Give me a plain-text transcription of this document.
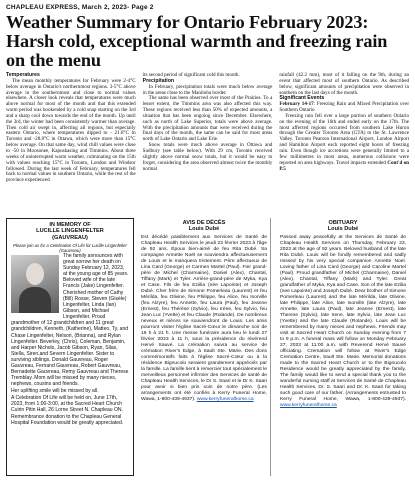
CHAPLEAU EXPRESS, March 2, 2023- Page 2
Weather Summary for Ontario February 2023: Harsh cold, exceptional warmth and freezing rain on the menu

Temperatures

The mean monthly temperatures for February were 2-4°C below average in Ontario's northernmost regions. 3-5°C above average in the southernmost and close to normal values elsewhere. A closer look reveals that temperatures were much above normal for most of the month and that this extended warm period was bookended by a cold snap starting on the 3rd and a sharp cool down towards the end of the month. Up until the 3rd, the winter had been consistently warmer than average. Then cold air swept in, affecting all regions, but especially eastern Ontario, where temperatures dipped to - 21.8°C in Toronto and -28.8°C in Ottawa, which were more than 15°C below average. On that same day, wind chill values were close to -50 in Moosonee, Kapuskasing and Timmins. About three weeks of uninterrupted warm weather, culminating on the 15th with values reaching 15°C in Toronto, London and Windsor followed. During the last week of February, temperatures fell back to normal values in southern Ontario, while the rest of the province experienced

its second period of significant cold this month.

Precipitation

In February, precipitation totals were much below average in the areas close to the Manitoba border.

The same has been observed over most of the Prairies. To a lesser extent, the Timmins area was also affected this way. These regions received less than 50% of expected amounts, a situation that has been ongoing since December. Elsewhere, such as north of Lake Superior, totals were above average. With the precipitation amounts that were received during the final days of the month, the same can be said for most areas north of Lake Ontario and Lake Erie.

Snow totals were much above average in Ottawa and Sudbury (see table below). With 29 cm, Toronto received slightly above normal snow totals, but it would be easy to forget, considering the area observed almost twice the monthly normal

rainfall (42.2 mm), most of it falling on the 9th, during an event that affected most of southern Ontario. As described below, significant amounts of precipitation were observed in southern on the last days of the month.

Significant Events

February 14-17: Freezing Rain and Mixed Precipitation over Southern Ontario

Freezing rain fell over a large portion of southern Ontario on the evening of the 16th and ended early on the 17th. The most affected regions occurred from southern Lake Huron through the Greater Toronto Area (GTA) to the St. Lawrence Valley. Toronto Pearson International Airport, London Airport and Hamilton Airport each reported eight hours of freezing rain. Even though ice accretions were generally limited to a few millimetres in most areas, numerous collisions were reported on area highways. Travel impacts extended Cont'd on P.5

IN MEMORY OF
LUCILLE LINGENFELTER
(GAUVREAU)
Please join us for a Celebration Of Life for Lucille Lingenfelter (Gauvreau)

The family announces with great sorrow her death on Sunday February 12, 2023, at the young age of 85 years. Beloved wife of the late Francis (Jake) Lingenfelter.

Cherished mother of Cathy (Bill) Rosse, Steven (Gisèle) Lingenfelter, Linda (Ian) Gibson, and Michael Lingenfelter. Proud grandmother of 12 grandchildren and 11 great grandchildren, Kenneth, (Katherine), Matteo, Ty, and Chase Lingenfelter, Nelson, (Brianna), and Rylan Lingenfelter. Beverley, (Chris), Coleman, Benjamin, and Harper Nichols, Jacob Gibson, Ryan, Silas, Stella, Siren,and Severn Lingenfelter. Sister to surviving siblings, Donald Gauvreau, Roger Gauvreau, Fernand Gauvreau, Robert Gauvreau, Bernadette Gauvreau, Remy Gauvreau and Therese Tremblay. Mom will be missed by many nieces, nephews, cousins and friends.

Her uplifting smile will be missed by all.

A Celebration Of Life will be held on, June 17th, 2023, from 1:00-3:00, at the Sacred Heart Church Cuirin Pitin Hall, 26 Lorne Street N. Chapleau ON.

Remembrance donation to the Chapleau General Hospital Foundation would be greatly appreciated.

AVIS DE DÉCÈS
Louis Dubé
Est décédé paisiblement aux Services de Santé de Chapleau Health Services le jeudi 23 février 2023 à l'âge de 92 ans. Époux bien-aimé de feu Rita Dubé. Sa compagne Annette Noël se souviendra affectueusement de Louis et le manquera tristement. Père affectueux de Lina Card (George) et Carmen Martel (Paul). Fier grand-père de Michel (Charmaine), Daniel (Alex), Chantal, Tiffany (Mark) et Tyler. Arrière-grand-père de Myka, Kya et Case. Fils de feu Eziilia (née Lapointe) et Joseph Dubé. Cher frère de Simone Pomerleau (Laurent) et feu Mérilda, feu Olivine, feu Philippe, feu Alice, feu Isorville (feu Alzyre), feu Annette, feu Laura (Paul), feu Jeanne (Ernest), feu Thérèse (Sylvio), feu Irène, feu Sylvio, feu Jean Luc (Yvette) et feu Claude (Rolande). De nombreux neveux et nièces se souviendront de Louis. Les amis pourront visiter l'église Sacré-Cœur le dimanche soir de 19 h à 21 h. Une messe funéraire aura lieu le lundi 27 février 2023 à 11 h, sous la présidence du révérend Hervé Sauvé. La crémation suivra au service de crémation River's Edge, à Sault Ste. Marie. Des dons commémoratifs faits à l'église Sacré-Cœur ou à la résidence Bignucolo seraient grandement appréciés par la famille. La famille tient à remercier tout spécialement le merveilleux personnel infirmier des Services de santé de Chapleau Health Services, le Dr S. Saari et le Dr K. Saari pour avoir si bien pris soin de notre père. (Les arrangements ont été confiés à Kerry Funeral Home, Wawa, 1-800-439-4937). www.kerryfuneralhome.ca
OBITUARY
Louis Dubé
Passed away peacefully at the Services de Santé de Chapleau Health Services on Thursday, February 23, 2023 at the age of 92 years. Beloved husband of the late Rita Dubé. Louis will be fondly remembered and sadly missed by his very special companion Annette Noel. Loving father of Lina Card (George) and Caroline Martel (Paul). Proud grandfather of Michel (Charmaine), Daniel (Alex), Chantal, Tiffany (Mark) and Tyler. Great grandfather of Myka, Kya and Case. Son of the late Ezilia (nee Lapointe) and Joseph Dubé. Dear brother of Simone Pomerleau (Laurent) and the late Mérilda, late Olivine, late Philippe, late Alice, late Isorville (late Alzyre), late Annette, late Laura (Paul), late Jeanne (Ernest), late Therese (Sylvio), late Irene, late Sylvio, late Jean Luc (Yvette) and the late Claude (Rolande). Louis will be remembered by many nieces and nephews. Friends may visit at Sacred Heart Church on Sunday evening from 7 to 9 p.m. A funeral mass will follow on Monday February 27, 2023 at 11:00 a.m. with Reverend Hervé Sauvé officiating. Cremation will follow at River's Edge Cremation Centre, Sault Ste. Marie. Memorial donations made to the Sacred Heart Church or to the Bignucolo Residence would be greatly appreciated by the family. The family would like to send a special thank you to the wonderful nursing staff at Services de Santé de Chapleau Health Services, Dr. S. Saari and Dr. K. Saari for taking such good care of our father. (Arrangements entrusted to Kerry Funeral Home, Wawa, 1-800-439-4937). www.kerryfuneralhome.ca
